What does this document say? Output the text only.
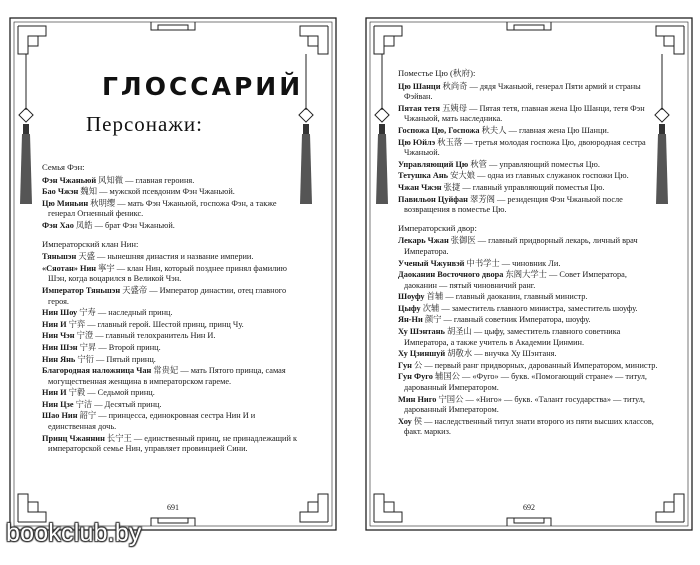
ГЛОССАРИЙ
Персонажи:
Семья Фэн:
Фэн Чжаньюй 风知微 — главная героиня.
Бао Чжэн 魏知 — мужской псевдоним Фэн Чжаньюй.
Цю Миньин 秋明缨 — мать Фэн Чжаньюй, госпожа Фэн, а также генерал Огненный феникс.
Фэн Хао 凤皓 — брат Фэн Чжаньюй.
Императорский клан Нин:
Тяньшэн 天盛 — нынешняя династия и название империи.
«Сяотан» Нин 寧宇 — клан Нин, который позднее принял фамилию Шэн, когда воцарился в Великой Чэн.
Император Тяньшэн 天盛帝 — Император династии, отец главного героя.
Нин Шоу 宁寿 — наследный принц.
Нин И 宁弈 — главный герой. Шестой принц, принц Чу.
Нин Чэн 宁澄 — главный телохранитель Нин И.
Нин Шэн 宁昇 — Второй принц.
Нин Янь 宁衍 — Пятый принц.
Благородная наложница Чан 常贵妃 — мать Пятого принца, самая могущественная женщина в императорском гареме.
Нин И 宁毅 — Седьмой принц.
Нин Цзе 宁洁 — Десятый принц.
Шао Нин 韶宁 — принцесса, единокровная сестра Нин И и единственная дочь.
Принц Чжаннин 长宁王 — единственный принц, не принадлежащий к императорской семье Нин, управляет провинцией Сини.
691
Поместье Цю (秋府):
Цю Шанци 秋尚奇 — дядя Чжаньюй, генерал Пяти армий и страны Фэйван.
Пятая тетя 五姨母 — Пятая тетя, главная жена Цю Шанци, тетя Фэн Чжаньюй, мать наследника.
Госпожа Цю, Госпожа 秋夫人 — главная жена Цю Шанци.
Цю Юйлэ 秋玉落 — третья молодая госпожа Цю, двоюродная сестра Чжаньюй.
Управляющий Цю 秋管 — управляющий поместья Цю.
Тетушка Ань 安大娘 — одна из главных служанок госпожи Цю.
Чжан Чжэн 张捷 — главный управляющий поместья Цю.
Павильон Цуйфан 翠芳阁 — резиденция Фэн Чжаньюй после возвращения в поместье Цю.
Императорский двор:
Лекарь Чжан 张御医 — главный придворный лекарь, личный врач Императора.
Ученый Чжунвэй 中书学士 — чиновник Ли.
Даоканин Восточного двора 东阁大学士 — Совет Императора, даоканин — пятый чиновничий ранг.
Шоуфу 首辅 — главный даоканин, главный министр.
Цыфу 次辅 — заместитель главного министра, заместитель шоуфу.
Ян-Ни 颜宁 — главный советник Императора, шоуфу.
Ху Шэнтань 胡圣山 — цыфу, заместитель главного советника Императора, а также учитель в Академии Цинмин.
Ху Цзиншуй 胡敬水 — внучка Ху Шэнтаня.
Гун 公 — первый ранг придворных, дарованный Императором, министр.
Гун Фуго 辅国公 — «Фуго» — букв. «Помогающий стране» — титул, дарованный Императором.
Мин Ниго 宁国公 — «Ниго» — букв. «Талант государства» — титул, дарованный Императором.
Хоу 侯 — наследственный титул знати второго из пяти высших классов, факт. маркиз.
692
bookclub.by
